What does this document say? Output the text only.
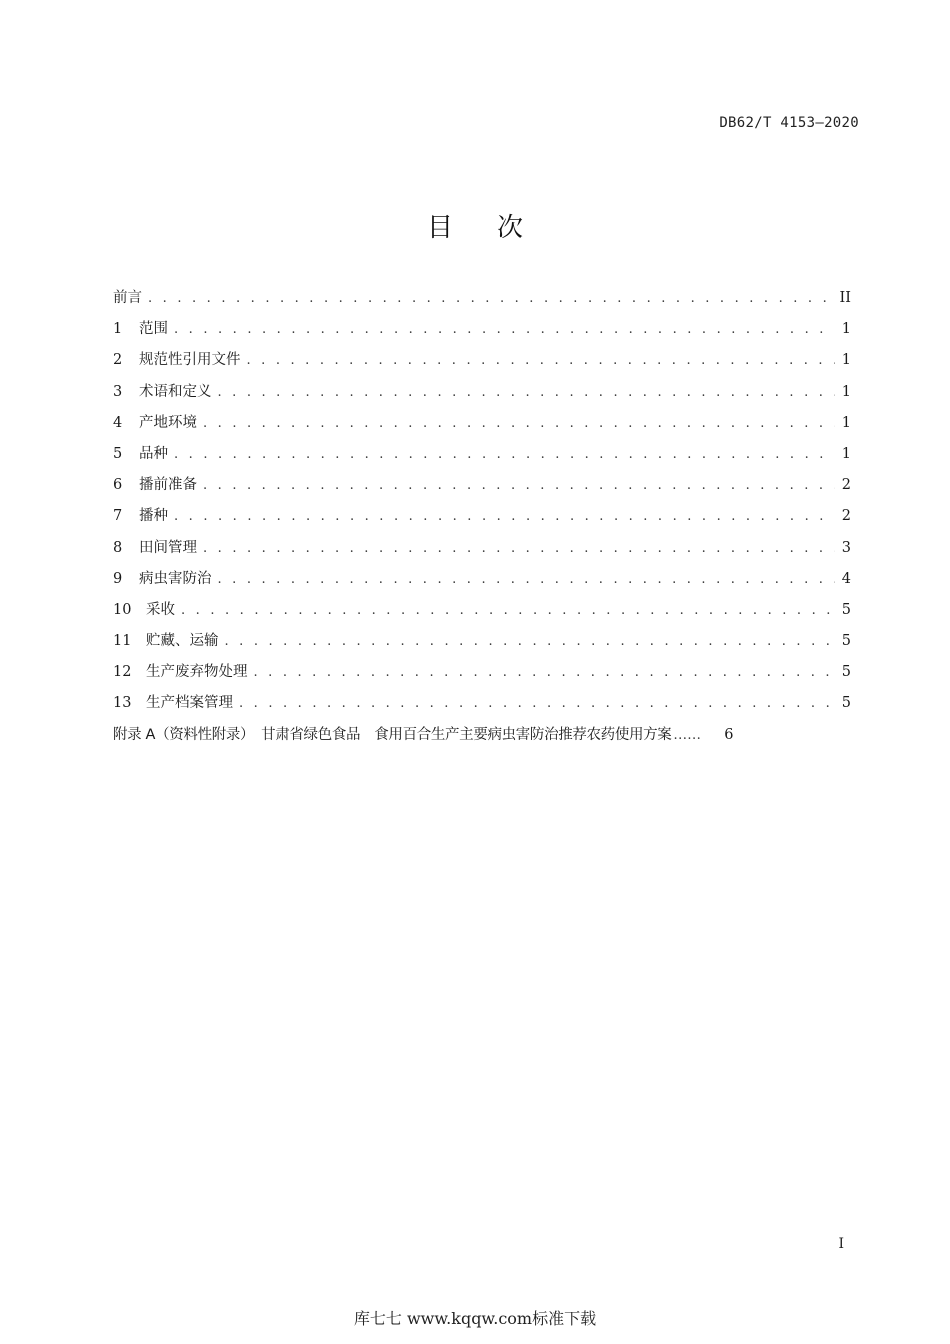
DB62/T 4153—2020
目次
前言 . . .	II
1	范围 . . .	1
2	规范性引用文件 . . .	1
3	术语和定义 . . .	1
4	产地环境 . . .	1
5	品种 . . .	1
6	播前准备 . . .	2
7	播种 . . .	2
8	田间管理 . . .	3
9	病虫害防治 . . .	4
10	采收 . . .	5
11	贮藏、运输 . . .	5
12	生产废弃物处理 . . .	5
13	生产档案管理 . . .	5
附录 A（资料性附录）　甘肃省绿色食品　食用百合生产主要病虫害防治推荐农药使用方案 ......	6
I
库七七 www.kqqw.com标准下载
